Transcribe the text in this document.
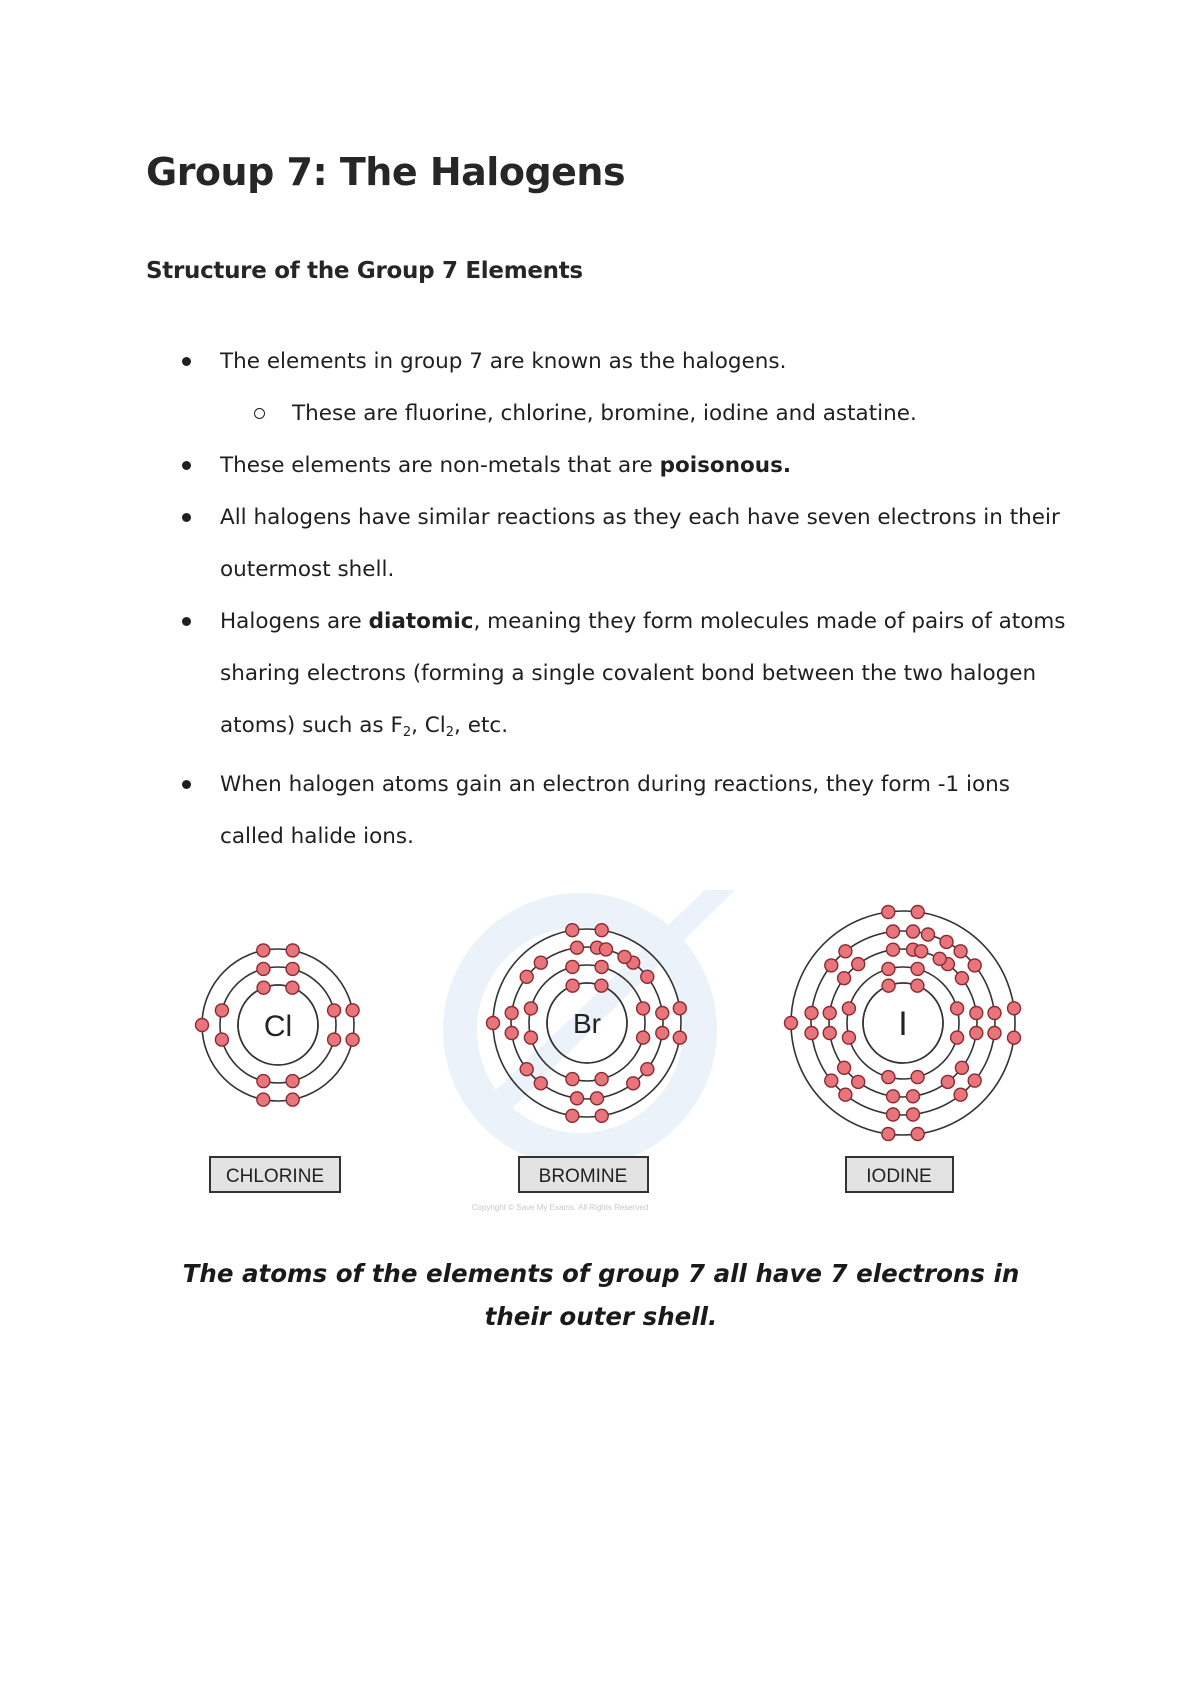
Group 7: The Halogens
Structure of the Group 7 Elements
The elements in group 7 are known as the halogens.
These are fluorine, chlorine, bromine, iodine and astatine.
These elements are non-metals that are poisonous.
All halogens have similar reactions as they each have seven electrons in their outermost shell.
Halogens are diatomic, meaning they form molecules made of pairs of atoms sharing electrons (forming a single covalent bond between the two halogen atoms) such as $F_2$, $Cl_2$, etc.
When halogen atoms gain an electron during reactions, they form -1 ions called halide ions.
Cl	Br	I
CHLORINE	BROMINE	IODINE
Copyright © Save My Exams. All Rights Reserved

The atoms of the elements of group 7 all have 7 electrons in their outer shell.
